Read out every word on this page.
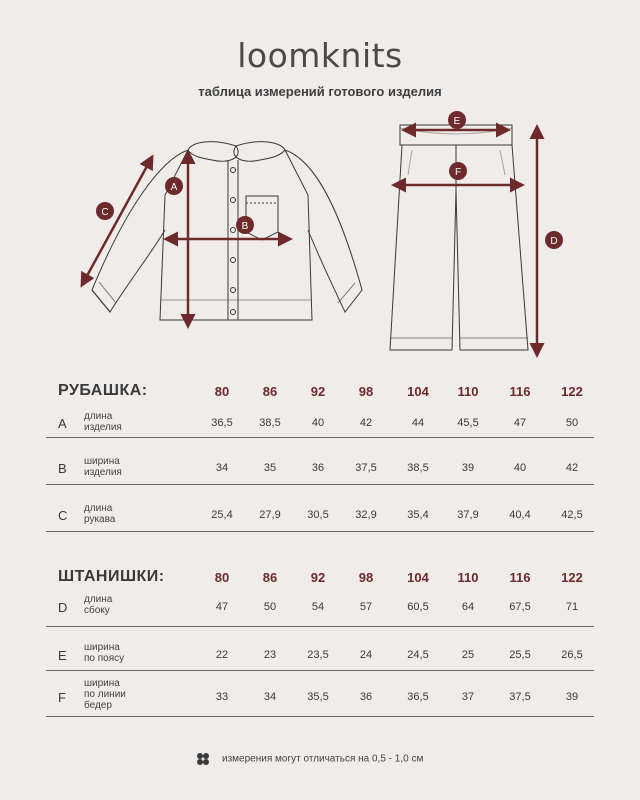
loomknits
таблица измерений готового изделия
A
B
C
D
E
F
РУБАШКА:	80	86	92	98	104	110	116	122
A длина
изделия	36,5	38,5	40	42	44	45,5	47	50
B ширина
изделия	34	35	36	37,5	38,5	39	40	42
C длина
рукава	25,4	27,9	30,5	32,9	35,4	37,9	40,4	42,5
ШТАНИШКИ:	80	86	92	98	104	110	116	122
D
длина
сбоку	47	50	54	57	60,5	64	67,5	71
E
ширина
по поясу	22	23	23,5	24	24,5	25	25,5	26,5
F
ширина
по линии
бедер
33	34	35,5	36	36,5	37	37,5	39
измерения могут отличаться на 0,5 - 1,0 см
